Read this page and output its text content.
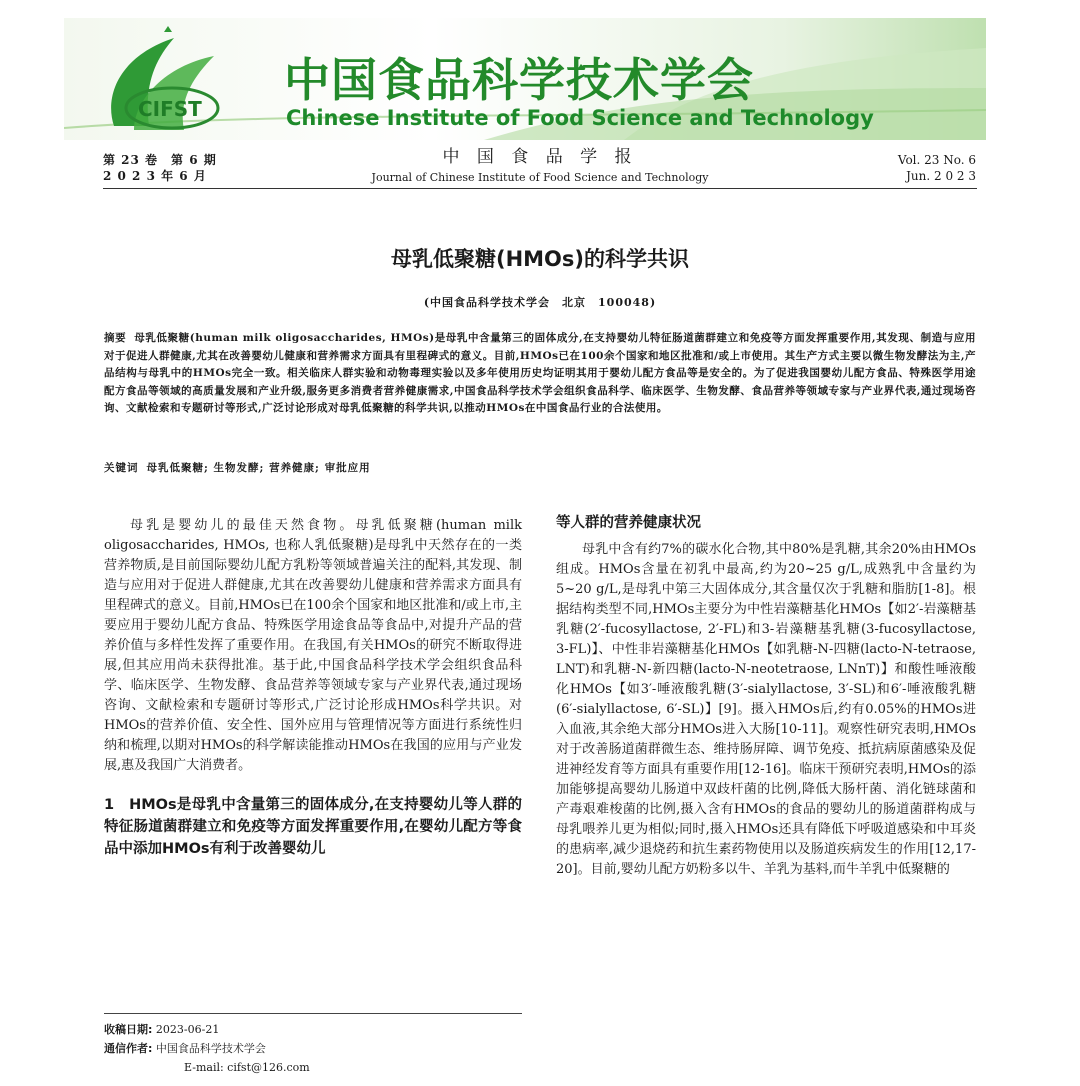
CIFST
中国食品科学技术学会
Chinese Institute of Food Science and Technology
第 23 卷　第 6 期
2 0 2 3 年 6 月
中 国 食 品 学 报
Journal of Chinese Institute of Food Science and Technology
Vol. 23 No. 6
Jun. 2 0 2 3
母乳低聚糖(HMOs)的科学共识
(中国食品科学技术学会　北京　100048)
摘要 母乳低聚糖(human milk oligosaccharides, HMOs)是母乳中含量第三的固体成分,在支持婴幼儿特征肠道菌群建立和免疫等方面发挥重要作用,其发现、制造与应用对于促进人群健康,尤其在改善婴幼儿健康和营养需求方面具有里程碑式的意义。目前,HMOs已在100余个国家和地区批准和/或上市使用。其生产方式主要以微生物发酵法为主,产品结构与母乳中的HMOs完全一致。相关临床人群实验和动物毒理实验以及多年使用历史均证明其用于婴幼儿配方食品等是安全的。为了促进我国婴幼儿配方食品、特殊医学用途配方食品等领域的高质量发展和产业升级,服务更多消费者营养健康需求,中国食品科学技术学会组织食品科学、临床医学、生物发酵、食品营养等领域专家与产业界代表,通过现场咨询、文献检索和专题研讨等形式,广泛讨论形成对母乳低聚糖的科学共识,以推动HMOs在中国食品行业的合法使用。
关键词 母乳低聚糖; 生物发酵; 营养健康; 审批应用

母乳是婴幼儿的最佳天然食物。母乳低聚糖(human milk oligosaccharides, HMOs, 也称人乳低聚糖)是母乳中天然存在的一类营养物质,是目前国际婴幼儿配方乳粉等领域普遍关注的配料,其发现、制造与应用对于促进人群健康,尤其在改善婴幼儿健康和营养需求方面具有里程碑式的意义。目前,HMOs已在100余个国家和地区批准和/或上市,主要应用于婴幼儿配方食品、特殊医学用途食品等食品中,对提升产品的营养价值与多样性发挥了重要作用。在我国,有关HMOs的研究不断取得进展,但其应用尚未获得批准。基于此,中国食品科学技术学会组织食品科学、临床医学、生物发酵、食品营养等领域专家与产业界代表,通过现场咨询、文献检索和专题研讨等形式,广泛讨论形成HMOs科学共识。对HMOs的营养价值、安全性、国外应用与管理情况等方面进行系统性归纳和梳理,以期对HMOs的科学解读能推动HMOs在我国的应用与产业发展,惠及我国广大消费者。

1　HMOs是母乳中含量第三的固体成分,在支持婴幼儿等人群的特征肠道菌群建立和免疫等方面发挥重要作用,在婴幼儿配方等食品中添加HMOs有利于改善婴幼儿
收稿日期: 2023-06-21
通信作者: 中国食品科学技术学会
E-mail: cifst@126.com
等人群的营养健康状况

母乳中含有约7%的碳水化合物,其中80%是乳糖,其余20%由HMOs组成。HMOs含量在初乳中最高,约为20~25 g/L,成熟乳中含量约为5~20 g/L,是母乳中第三大固体成分,其含量仅次于乳糖和脂肪[1-8]。根据结构类型不同,HMOs主要分为中性岩藻糖基化HMOs【如2′-岩藻糖基乳糖(2′-fucosyllactose, 2′-FL)和3-岩藻糖基乳糖(3-fucosyllactose, 3-FL)】、中性非岩藻糖基化HMOs【如乳糖-N-四糖(lacto-N-tetraose, LNT)和乳糖-N-新四糖(lacto-N-neotetraose, LNnT)】和酸性唾液酸化HMOs【如3′-唾液酸乳糖(3′-sialyllactose, 3′-SL)和6′-唾液酸乳糖(6′-sialyllactose, 6′-SL)】[9]。摄入HMOs后,约有0.05%的HMOs进入血液,其余绝大部分HMOs进入大肠[10-11]。观察性研究表明,HMOs对于改善肠道菌群微生态、维持肠屏障、调节免疫、抵抗病原菌感染及促进神经发育等方面具有重要作用[12-16]。临床干预研究表明,HMOs的添加能够提高婴幼儿肠道中双歧杆菌的比例,降低大肠杆菌、消化链球菌和产毒艰难梭菌的比例,摄入含有HMOs的食品的婴幼儿的肠道菌群构成与母乳喂养儿更为相似;同时,摄入HMOs还具有降低下呼吸道感染和中耳炎的患病率,减少退烧药和抗生素药物使用以及肠道疾病发生的作用[12,17-20]。目前,婴幼儿配方奶粉多以牛、羊乳为基料,而牛羊乳中低聚糖的
